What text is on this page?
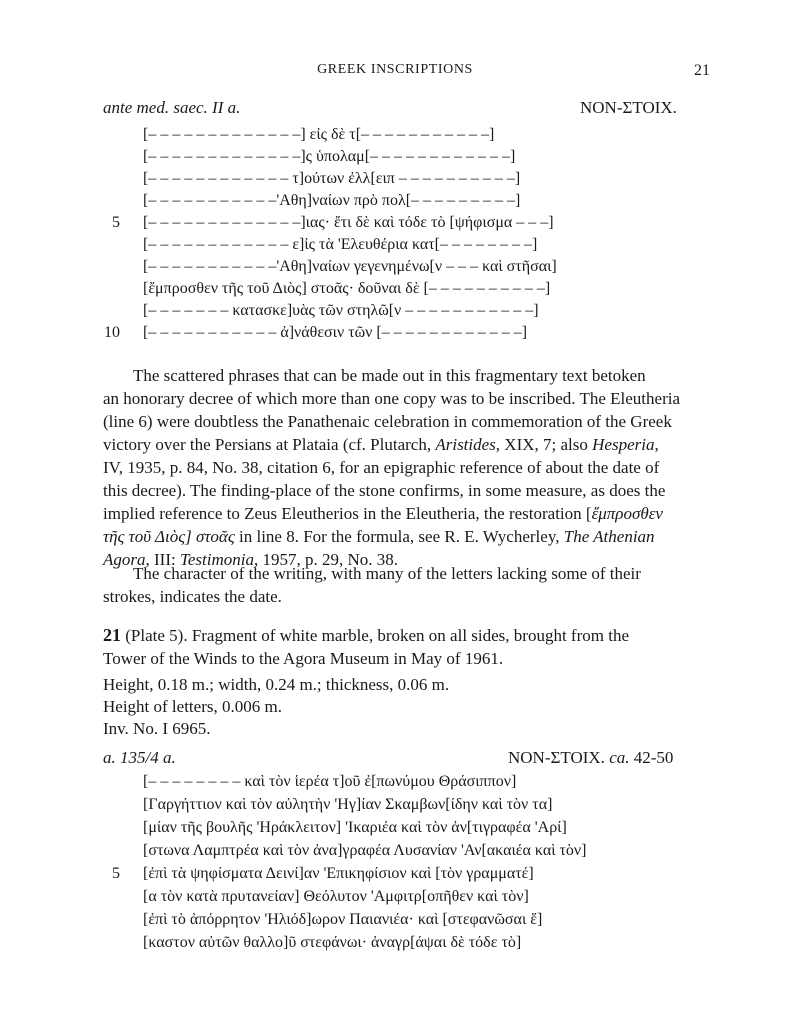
GREEK INSCRIPTIONS	21
ante med. saec. II a.	NON-ΣΤΟΙΧ.
[– – – – – – – – – – – – –] εἰς δὲ τ[– – – – – – – – – – –]
[– – – – – – – – – – – – –]ς ὑπολαμ[– – – – – – – – – – – –]
[– – – – – – – – – – – – τ]ούτων ἐλλ[ειπ – – – – – – – – – –]
[– – – – – – – – – – –'Αθη]ναίων πρὸ πολ[– – – – – – – – –]
5 [– – – – – – – – – – – – –]ιας· ἔτι δὲ καὶ τόδε τὸ [ψήφισμα – – –]
[– – – – – – – – – – – – ε]ἰς τὰ 'Ελευθέρια κατ[– – – – – – – –]
[– – – – – – – – – – –'Αθη]ναίων γεγενημένω[ν – – – καὶ στῆσαι]
[ἔμπροσθεν τῆς τοῦ Διὸς] στοᾶς· δοῦναι δὲ [– – – – – – – – – –]
[– – – – – – – κατασκε]υὰς τῶν στηλῶ[ν – – – – – – – – – – –]
10 [– – – – – – – – – – – ἀ]νάθεσιν τῶν [– – – – – – – – – – – –]
The scattered phrases that can be made out in this fragmentary text betoken
an honorary decree of which more than one copy was to be inscribed. The Eleutheria
(line 6) were doubtless the Panathenaic celebration in commemoration of the Greek
victory over the Persians at Plataia (cf. Plutarch, Aristides, XIX, 7; also Hesperia,
IV, 1935, p. 84, No. 38, citation 6, for an epigraphic reference of about the date of
this decree). The finding-place of the stone confirms, in some measure, as does the
implied reference to Zeus Eleutherios in the Eleutheria, the restoration [ἔμπροσθεν
τῆς τοῦ Διὸς] στοᾶς in line 8. For the formula, see R. E. Wycherley, The Athenian
Agora, III: Testimonia, 1957, p. 29, No. 38.
The character of the writing, with many of the letters lacking some of their
strokes, indicates the date.
21 (Plate 5). Fragment of white marble, broken on all sides, brought from the
Tower of the Winds to the Agora Museum in May of 1961.
Height, 0.18 m.; width, 0.24 m.; thickness, 0.06 m.
Height of letters, 0.006 m.
Inv. No. I 6965.
a. 135/4 a.	NON-ΣΤΟΙΧ. ca. 42-50
[– – – – – – – – καὶ τὸν ἱερέα τ]οῦ ἐ[πωνύμου Θράσιππον]
[Γαργήττιον καὶ τὸν αὐλητὴν 'Ηγ]ίαν Σκαμβων[ίδην καὶ τὸν τα]
[μίαν τῆς βουλῆς 'Ηράκλειτον] 'Ικαριέα καὶ τὸν ἀν[τιγραφέα 'Αρί]
[στωνα Λαμπτρέα καὶ τὸν ἀνα]γραφέα Λυσανίαν 'Αν[ακαιέα καὶ τὸν]
5 [ἐπὶ τὰ ψηφίσματα Δεινί]αν 'Επικηφίσιον καὶ [τὸν γραμματέ]
[α τὸν κατὰ πρυτανείαν] Θεόλυτον 'Αμφιτρ[οπῆθεν καὶ τὸν]
[ἐπὶ τὸ ἀπόρρητον 'Ηλιόδ]ωρον Παιανιέα· καὶ [στεφανῶσαι ἕ]
[καστον αὐτῶν θαλλο]ῦ στεφάνωι· ἀναγρ[άψαι δὲ τόδε τὸ]
